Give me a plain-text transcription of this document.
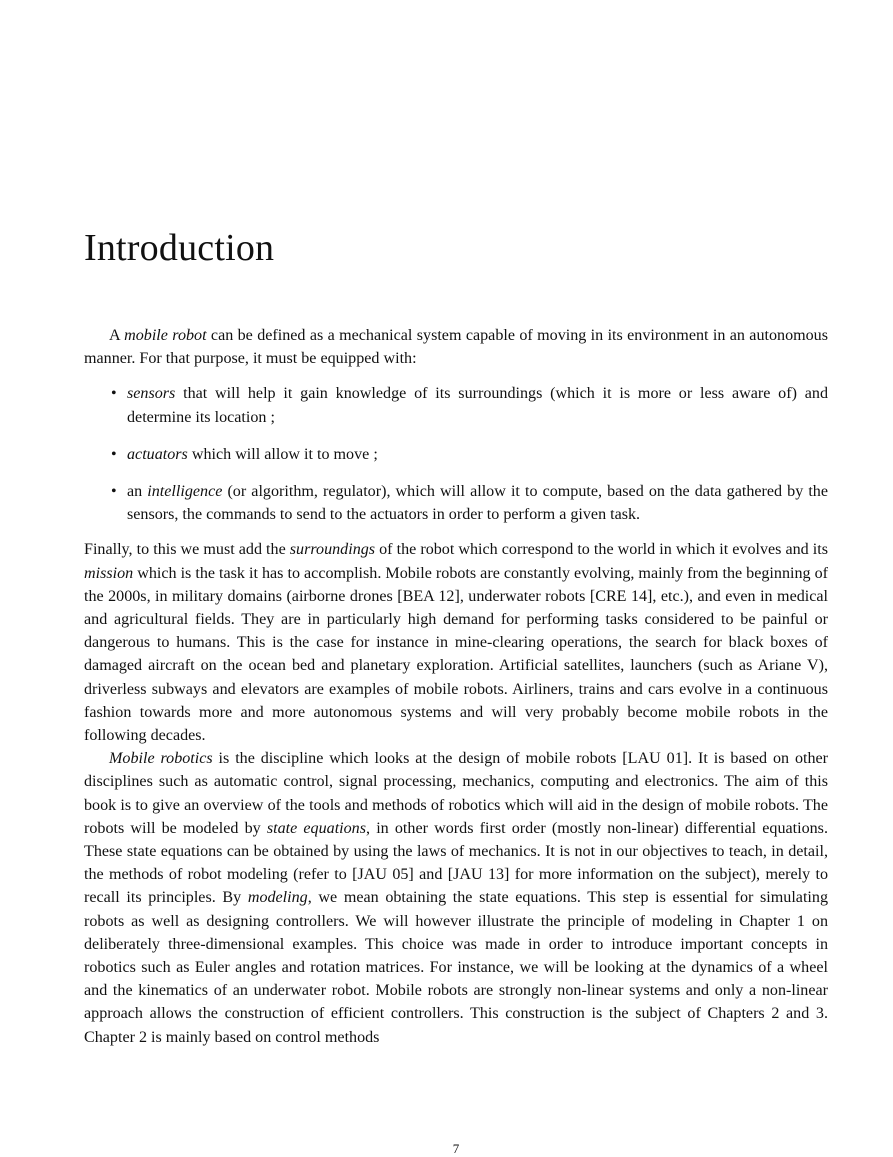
Introduction

A mobile robot can be defined as a mechanical system capable of moving in its environment in an autonomous manner. For that purpose, it must be equipped with:

• sensors that will help it gain knowledge of its surroundings (which it is more or less aware of) and determine its location ;
• actuators which will allow it to move ;
• an intelligence (or algorithm, regulator), which will allow it to compute, based on the data gathered by the sensors, the commands to send to the actuators in order to perform a given task.

Finally, to this we must add the surroundings of the robot which correspond to the world in which it evolves and its mission which is the task it has to accomplish. Mobile robots are constantly evolving, mainly from the beginning of the 2000s, in military domains (airborne drones [BEA 12], underwater robots [CRE 14], etc.), and even in medical and agricultural fields. They are in particularly high demand for performing tasks considered to be painful or dangerous to humans. This is the case for instance in mine-clearing operations, the search for black boxes of damaged aircraft on the ocean bed and planetary exploration. Artificial satellites, launchers (such as Ariane V), driverless subways and elevators are examples of mobile robots. Airliners, trains and cars evolve in a continuous fashion towards more and more autonomous systems and will very probably become mobile robots in the following decades.

Mobile robotics is the discipline which looks at the design of mobile robots [LAU 01]. It is based on other disciplines such as automatic control, signal processing, mechanics, computing and electronics. The aim of this book is to give an overview of the tools and methods of robotics which will aid in the design of mobile robots. The robots will be modeled by state equations, in other words first order (mostly non-linear) differential equations. These state equations can be obtained by using the laws of mechanics. It is not in our objectives to teach, in detail, the methods of robot modeling (refer to [JAU 05] and [JAU 13] for more information on the subject), merely to recall its principles. By modeling, we mean obtaining the state equations. This step is essential for simulating robots as well as designing controllers. We will however illustrate the principle of modeling in Chapter 1 on deliberately three-dimensional examples. This choice was made in order to introduce important concepts in robotics such as Euler angles and rotation matrices. For instance, we will be looking at the dynamics of a wheel and the kinematics of an underwater robot. Mobile robots are strongly non-linear systems and only a non-linear approach allows the construction of efficient controllers. This construction is the subject of Chapters 2 and 3. Chapter 2 is mainly based on control methods

7
